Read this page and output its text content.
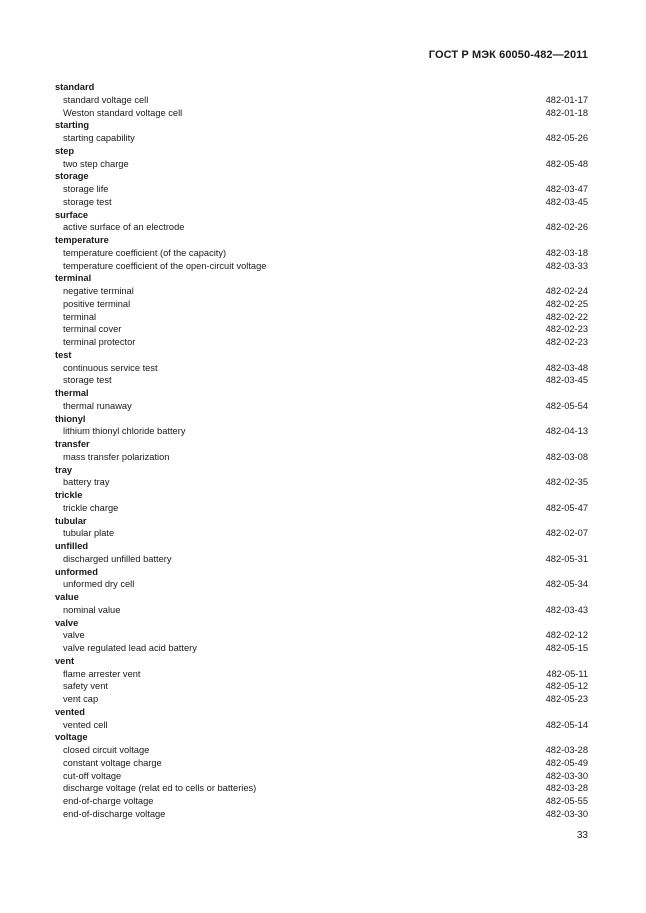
ГОСТ Р МЭК 60050-482—2011
standard
standard voltage cell	482-01-17
Weston standard voltage cell	482-01-18
starting
starting capability	482-05-26
step
two step charge	482-05-48
storage
storage life	482-03-47
storage test	482-03-45
surface
active surface of an electrode	482-02-26
temperature
temperature coefficient (of the capacity)	482-03-18
temperature coefficient of the open-circuit voltage	482-03-33
terminal
negative terminal	482-02-24
positive terminal	482-02-25
terminal	482-02-22
terminal cover	482-02-23
terminal protector	482-02-23
test
continuous service test	482-03-48
storage test	482-03-45
thermal
thermal runaway	482-05-54
thionyl
lithium thionyl chloride battery	482-04-13
transfer
mass transfer polarization	482-03-08
tray
battery tray	482-02-35
trickle
trickle charge	482-05-47
tubular
tubular plate	482-02-07
unfilled
discharged unfilled battery	482-05-31
unformed
unformed dry cell	482-05-34
value
nominal value	482-03-43
valve
valve	482-02-12
valve regulated lead acid battery	482-05-15
vent
flame arrester vent	482-05-11
safety vent	482-05-12
vent cap	482-05-23
vented
vented cell	482-05-14
voltage
closed circuit voltage	482-03-28
constant voltage charge	482-05-49
cut-off voltage	482-03-30
discharge voltage (relat ed to cells or batteries)	482-03-28
end-of-charge voltage	482-05-55
end-of-discharge voltage	482-03-30
33
